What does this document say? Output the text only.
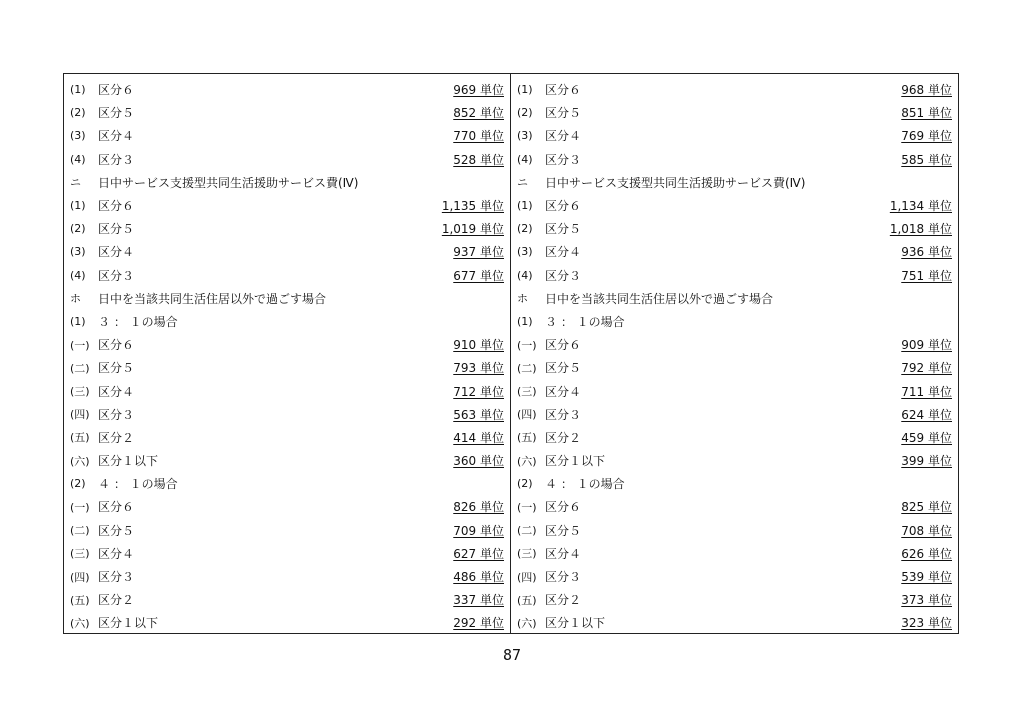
(1)	区分６	969 単位
(2)	区分５	852 単位
(3)	区分４	770 単位
(4)	区分３	528 単位
ニ	日中サービス支援型共同生活援助サービス費(Ⅳ)
(1)	区分６	1,135 単位
(2)	区分５	1,019 単位
(3)	区分４	937 単位
(4)	区分３	677 単位
ホ	日中を当該共同生活住居以外で過ごす場合
(1)	３ ： １の場合
(一) 区分６	910 単位
(二) 区分５	793 単位
(三) 区分４	712 単位
(四) 区分３	563 単位
(五) 区分２	414 単位
(六) 区分１以下	360 単位
(2)	４ ： １の場合
(一) 区分６	826 単位
(二) 区分５	709 単位
(三) 区分４	627 単位
(四) 区分３	486 単位
(五) 区分２	337 単位
(六) 区分１以下	292 単位
(1)	区分６	968 単位
(2)	区分５	851 単位
(3)	区分４	769 単位
(4)	区分３	585 単位
ニ	日中サービス支援型共同生活援助サービス費(Ⅳ)
(1)	区分６	1,134 単位
(2)	区分５	1,018 単位
(3)	区分４	936 単位
(4)	区分３	751 単位
ホ	日中を当該共同生活住居以外で過ごす場合
(1)	３ ： １の場合
(一) 区分６	909 単位
(二) 区分５	792 単位
(三) 区分４	711 単位
(四) 区分３	624 単位
(五) 区分２	459 単位
(六) 区分１以下	399 単位
(2)	４ ： １の場合
(一) 区分６	825 単位
(二) 区分５	708 単位
(三) 区分４	626 単位
(四) 区分３	539 単位
(五) 区分２	373 単位
(六) 区分１以下	323 単位
87
